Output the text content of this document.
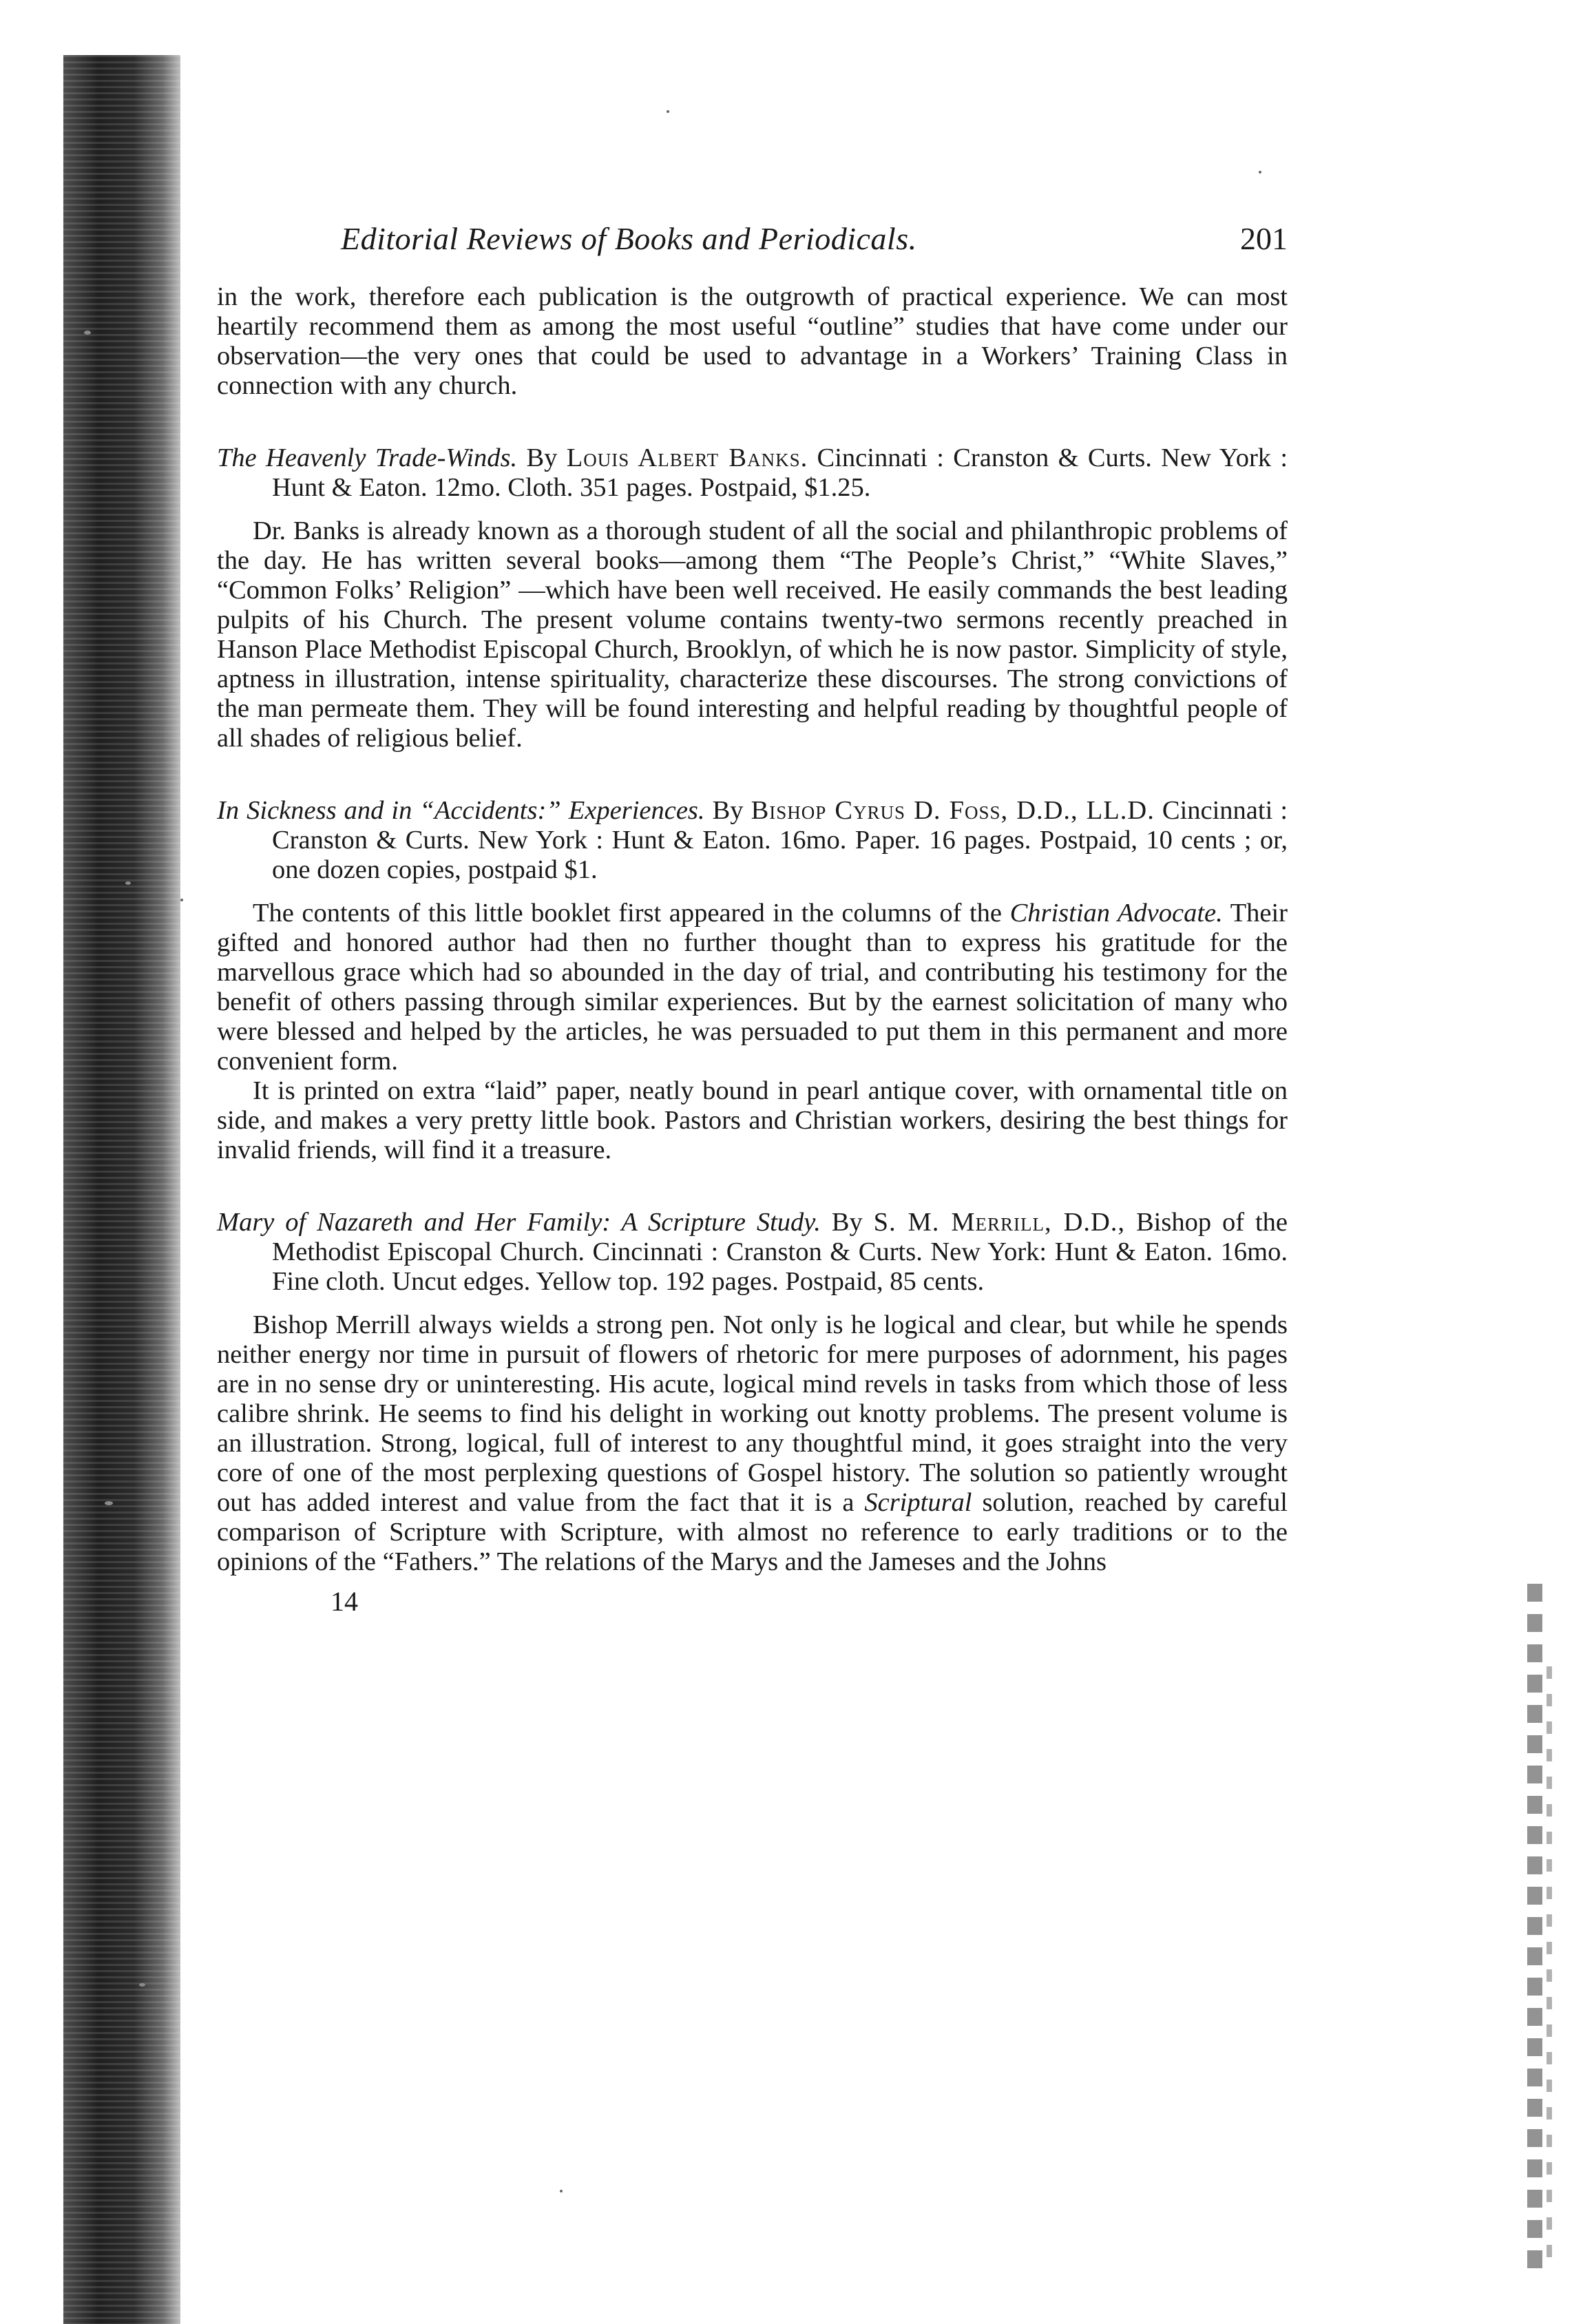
Editorial Reviews of Books and Periodicals.	201

in the work, therefore each publication is the outgrowth of practical experience. We can most heartily recommend them as among the most useful “outline” studies that have come under our observation—the very ones that could be used to advantage in a Workers’ Training Class in connection with any church.

The Heavenly Trade-Winds. By Louis Albert Banks. Cincinnati : Cranston & Curts. New York : Hunt & Eaton. 12mo. Cloth. 351 pages. Postpaid, $1.25.

Dr. Banks is already known as a thorough student of all the social and philanthropic problems of the day. He has written several books—among them “The People’s Christ,” “White Slaves,” “Common Folks’ Religion” —which have been well received. He easily commands the best leading pulpits of his Church. The present volume contains twenty-two sermons recently preached in Hanson Place Methodist Episcopal Church, Brooklyn, of which he is now pastor. Simplicity of style, aptness in illustration, intense spirituality, characterize these discourses. The strong convictions of the man permeate them. They will be found interesting and helpful reading by thoughtful people of all shades of religious belief.

In Sickness and in “Accidents:” Experiences. By Bishop Cyrus D. Foss, D.D., LL.D. Cincinnati : Cranston & Curts. New York : Hunt & Eaton. 16mo. Paper. 16 pages. Postpaid, 10 cents ; or, one dozen copies, postpaid $1.

The contents of this little booklet first appeared in the columns of the Christian Advocate. Their gifted and honored author had then no further thought than to express his gratitude for the marvellous grace which had so abounded in the day of trial, and contributing his testimony for the benefit of others passing through similar experiences. But by the earnest solicitation of many who were blessed and helped by the articles, he was persuaded to put them in this permanent and more convenient form.

It is printed on extra “laid” paper, neatly bound in pearl antique cover, with ornamental title on side, and makes a very pretty little book. Pastors and Christian workers, desiring the best things for invalid friends, will find it a treasure.

Mary of Nazareth and Her Family: A Scripture Study. By S. M. Merrill, D.D., Bishop of the Methodist Episcopal Church. Cincinnati : Cranston & Curts. New York: Hunt & Eaton. 16mo. Fine cloth. Uncut edges. Yellow top. 192 pages. Postpaid, 85 cents.

Bishop Merrill always wields a strong pen. Not only is he logical and clear, but while he spends neither energy nor time in pursuit of flowers of rhetoric for mere purposes of adornment, his pages are in no sense dry or uninteresting. His acute, logical mind revels in tasks from which those of less calibre shrink. He seems to find his delight in working out knotty problems. The present volume is an illustration. Strong, logical, full of interest to any thoughtful mind, it goes straight into the very core of one of the most perplexing questions of Gospel history. The solution so patiently wrought out has added interest and value from the fact that it is a Scriptural solution, reached by careful comparison of Scripture with Scripture, with almost no reference to early traditions or to the opinions of the “Fathers.” The relations of the Marys and the Jameses and the Johns

14
